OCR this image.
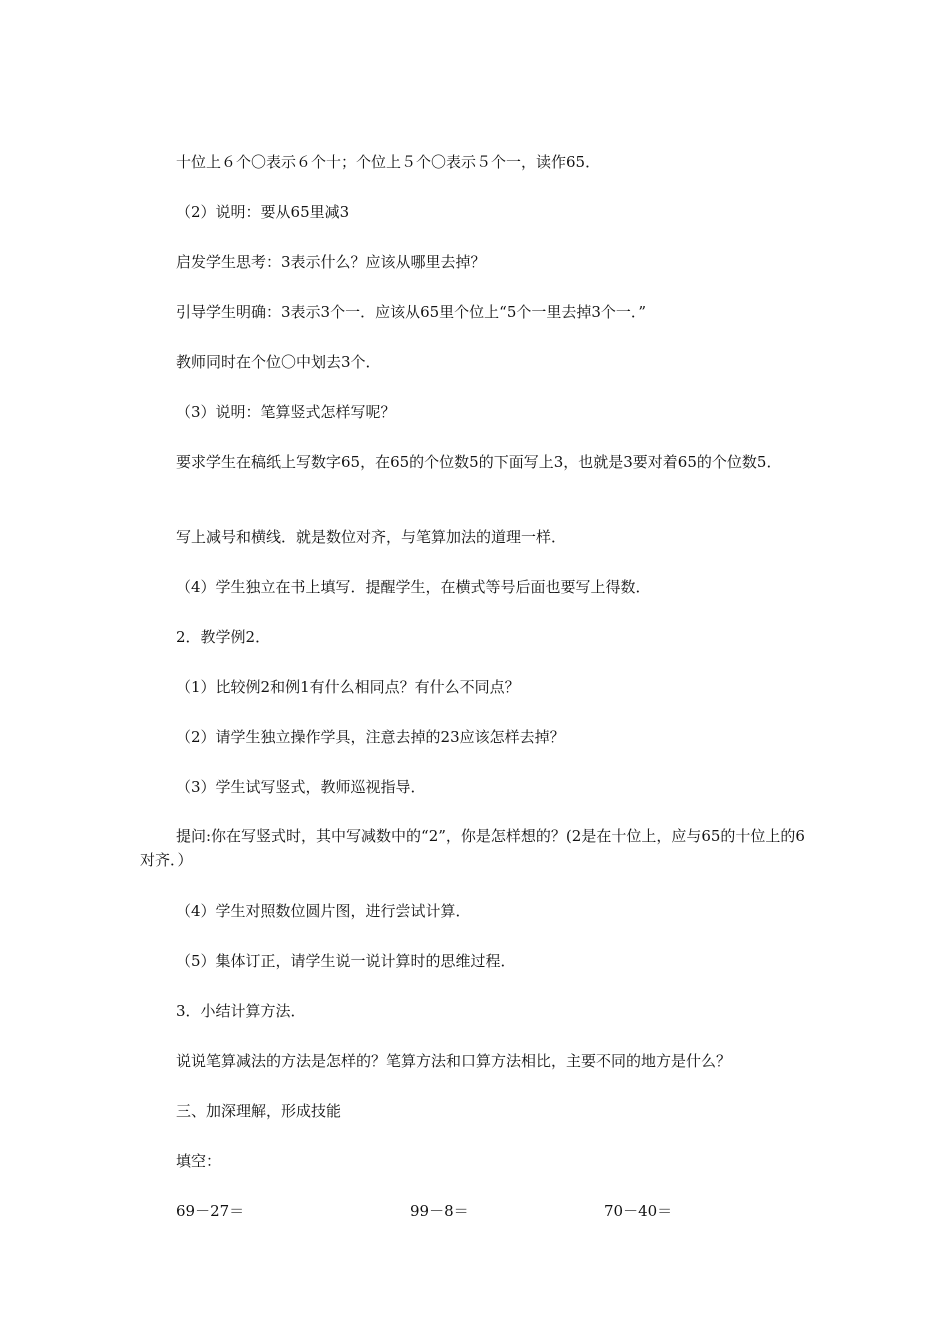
十位上６个〇表示６个十；个位上５个〇表示５个一，读作65．

（2）说明：要从65里减3

启发学生思考：3表示什么？应该从哪里去掉？

引导学生明确：3表示3个一．应该从65里个位上“5个一里去掉3个一．”

教师同时在个位〇中划去3个．

（3）说明：笔算竖式怎样写呢？

要求学生在稿纸上写数字65，在65的个位数5的下面写上3，也就是3要对着65的个位数5．

写上减号和横线．就是数位对齐，与笔算加法的道理一样．

（4）学生独立在书上填写．提醒学生，在横式等号后面也要写上得数．

2．教学例2．

（1）比较例2和例1有什么相同点？有什么不同点？

（2）请学生独立操作学具，注意去掉的23应该怎样去掉？

（3）学生试写竖式，教师巡视指导．

提问:你在写竖式时，其中写减数中的“2”，你是怎样想的？(2是在十位上，应与65的十位上的6对齐．）

（4）学生对照数位圆片图，进行尝试计算．

（5）集体订正，请学生说一说计算时的思维过程．

3．小结计算方法．

说说笔算减法的方法是怎样的？笔算方法和口算方法相比，主要不同的地方是什么？

三、加深理解，形成技能

填空：

69－27＝	99－8＝	70－40＝
